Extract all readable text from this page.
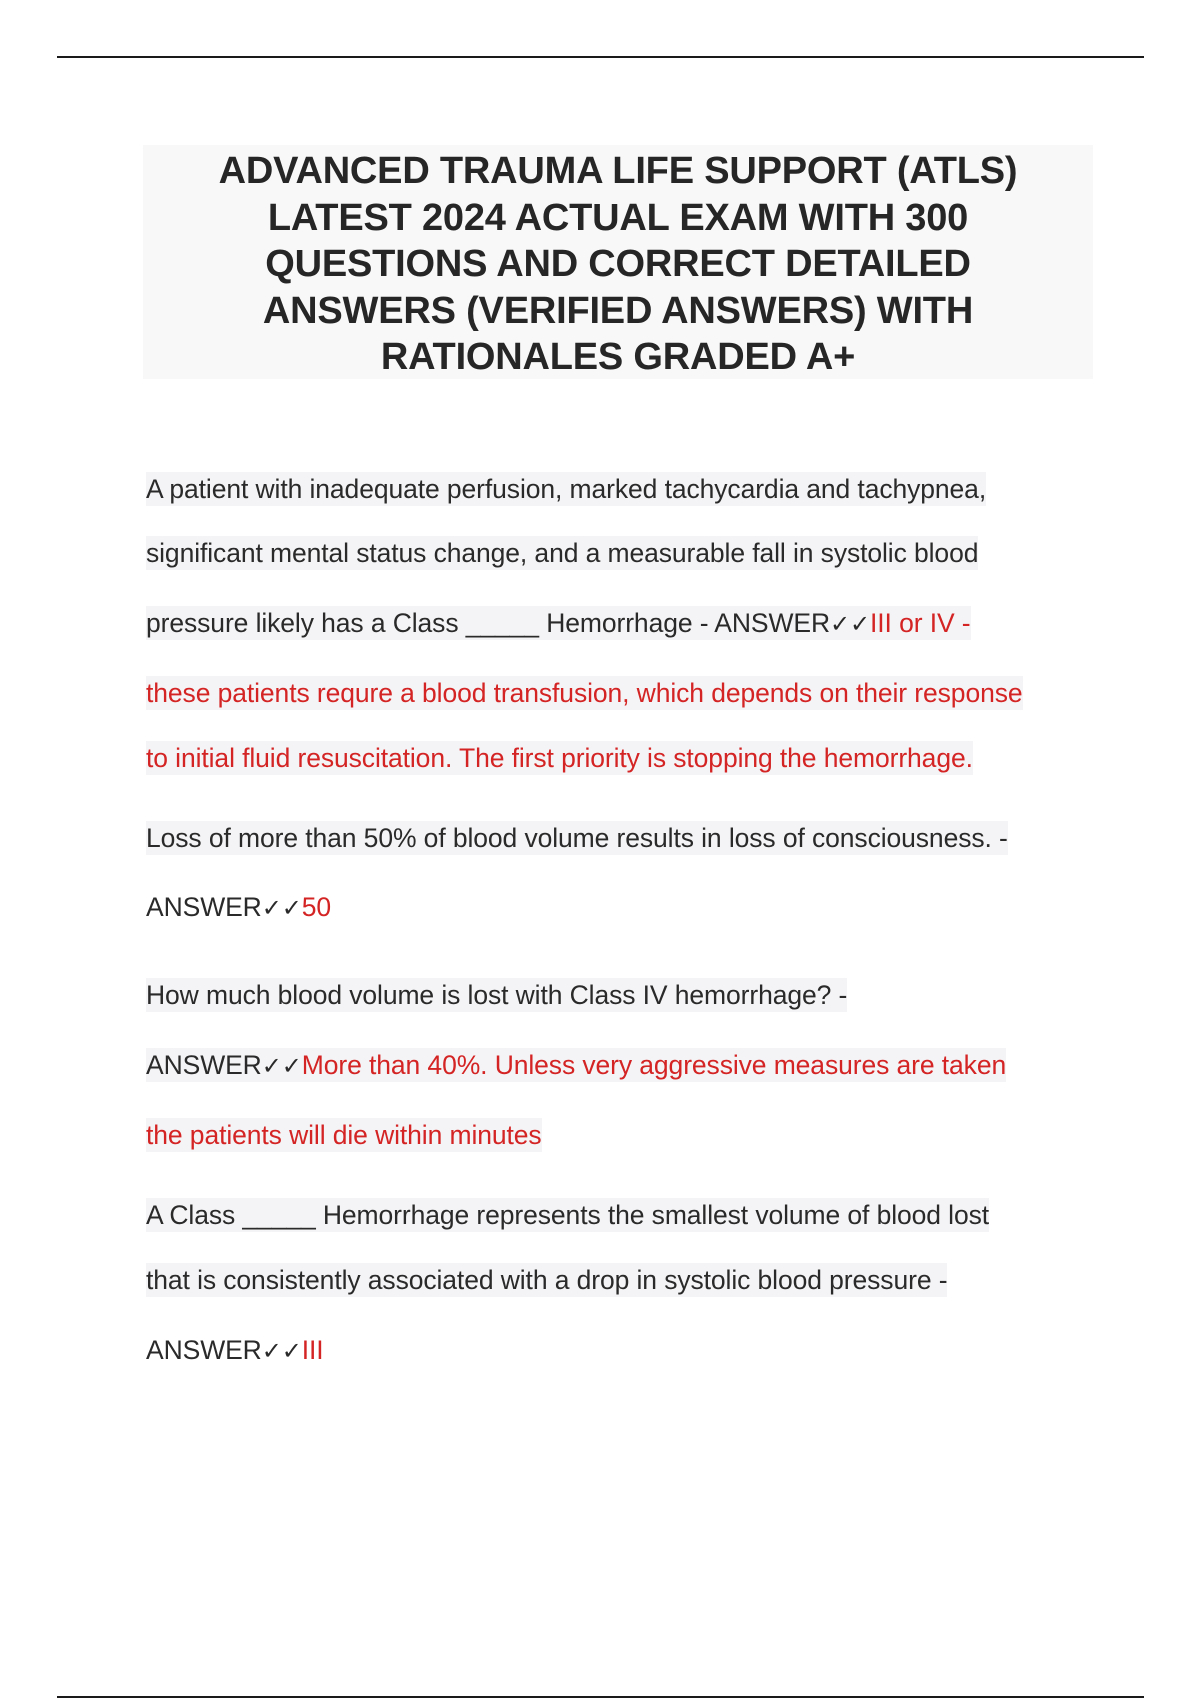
ADVANCED TRAUMA LIFE SUPPORT (ATLS)
LATEST 2024 ACTUAL EXAM WITH 300
QUESTIONS AND CORRECT DETAILED
ANSWERS (VERIFIED ANSWERS) WITH
RATIONALES GRADED A+
A patient with inadequate perfusion, marked tachycardia and tachypnea,
significant mental status change, and a measurable fall in systolic blood
pressure likely has a Class _____ Hemorrhage - ANSWER✓✓III or IV -
these patients requre a blood transfusion, which depends on their response
to initial fluid resuscitation. The first priority is stopping the hemorrhage.
Loss of more than 50% of blood volume results in loss of consciousness. -
ANSWER✓✓50
How much blood volume is lost with Class IV hemorrhage? -
ANSWER✓✓More than 40%. Unless very aggressive measures are taken
the patients will die within minutes
A Class _____ Hemorrhage represents the smallest volume of blood lost
that is consistently associated with a drop in systolic blood pressure -
ANSWER✓✓III
